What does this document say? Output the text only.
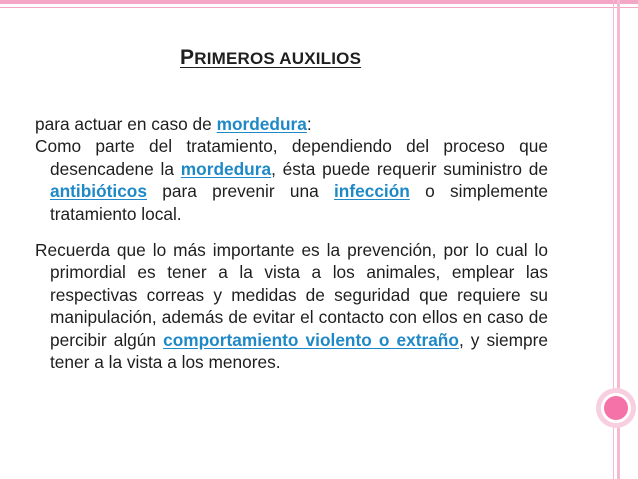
PRIMEROS AUXILIOS

para actuar en caso de mordedura:

Como parte del tratamiento, dependiendo del proceso que desencadene la mordedura, ésta puede requerir suministro de antibióticos para prevenir una infección o simplemente tratamiento local.

Recuerda que lo más importante es la prevención, por lo cual lo primordial es tener a la vista a los animales, emplear las respectivas correas y medidas de seguridad que requiere su manipulación, además de evitar el contacto con ellos en caso de percibir algún comportamiento violento o extraño, y siempre tener a la vista a los menores.
